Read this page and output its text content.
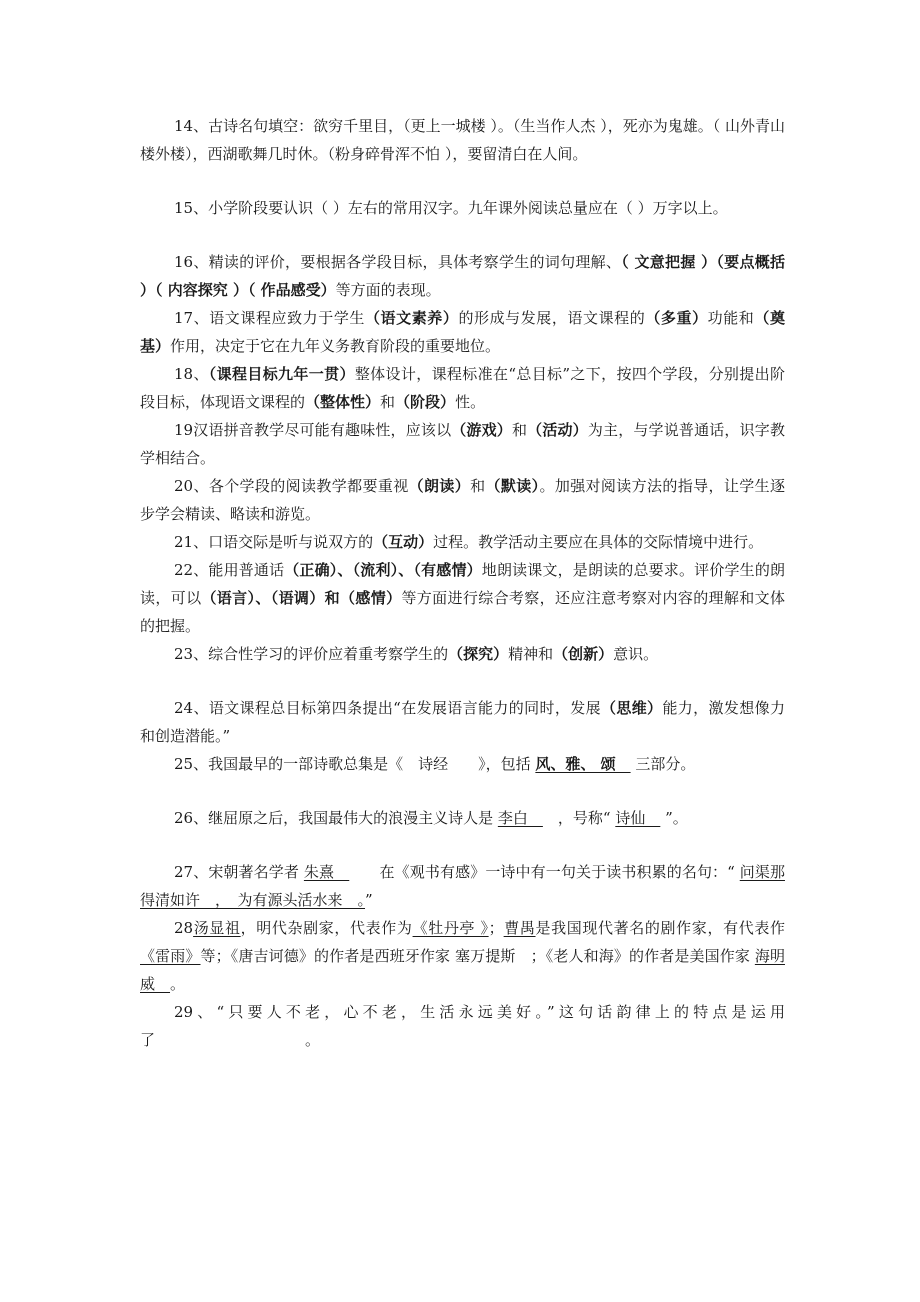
14、古诗名句填空：欲穷千里目，（更上一城楼 ）。（生当作人杰 ），死亦为鬼雄。（ 山外青山楼外楼），西湖歌舞几时休。（粉身碎骨浑不怕 ），要留清白在人间。

15、小学阶段要认识（ ）左右的常用汉字。九年课外阅读总量应在（ ）万字以上。

16、精读的评价，要根据各学段目标，具体考察学生的词句理解、（ 文意把握 ）（要点概括 ）（ 内容探究 ）（ 作品感受）等方面的表现。

17、语文课程应致力于学生（语文素养）的形成与发展，语文课程的（多重）功能和（奠基）作用，决定于它在九年义务教育阶段的重要地位。

18、（课程目标九年一贯）整体设计，课程标准在“总目标”之下，按四个学段，分别提出阶段目标，体现语文课程的（整体性）和（阶段）性。

19汉语拼音教学尽可能有趣味性，应该以（游戏）和（活动）为主，与学说普通话，识字教学相结合。

20、各个学段的阅读教学都要重视（朗读）和（默读）。加强对阅读方法的指导，让学生逐步学会精读、略读和游览。

21、口语交际是听与说双方的（互动）过程。教学活动主要应在具体的交际情境中进行。

22、能用普通话（正确）、（流利）、（有感情）地朗读课文，是朗读的总要求。评价学生的朗读，可以（语言）、（语调）和（感情）等方面进行综合考察，还应注意考察对内容的理解和文体的把握。

23、综合性学习的评价应着重考察学生的（探究）精神和（创新）意识。

24、语文课程总目标第四条提出“在发展语言能力的同时，发展（思维）能力，激发想像力和创造潜能。”

25、我国最早的一部诗歌总集是《　诗经　　》，包括 风、雅、 颂　 三部分。

26、继屈原之后，我国最伟大的浪漫主义诗人是 李白　　，号称“ 诗仙　 ”。

27、宋朝著名学者 朱熹　　　在《观书有感》一诗中有一句关于读书积累的名句：“ 问渠那得清如许　，　为有源头活水来　。”

28汤显祖，明代杂剧家，代表作为《牡丹亭 》；曹禺是我国现代著名的剧作家，有代表作《雷雨》等；《唐吉诃德》的作者是西班牙作家 塞万提斯　；《老人和海》的作者是美国作家 海明威　。

29、“只要人不老，心不老，生活永远美好。”这句话韵律上的特点是运用了　　　　　　　　　　。
